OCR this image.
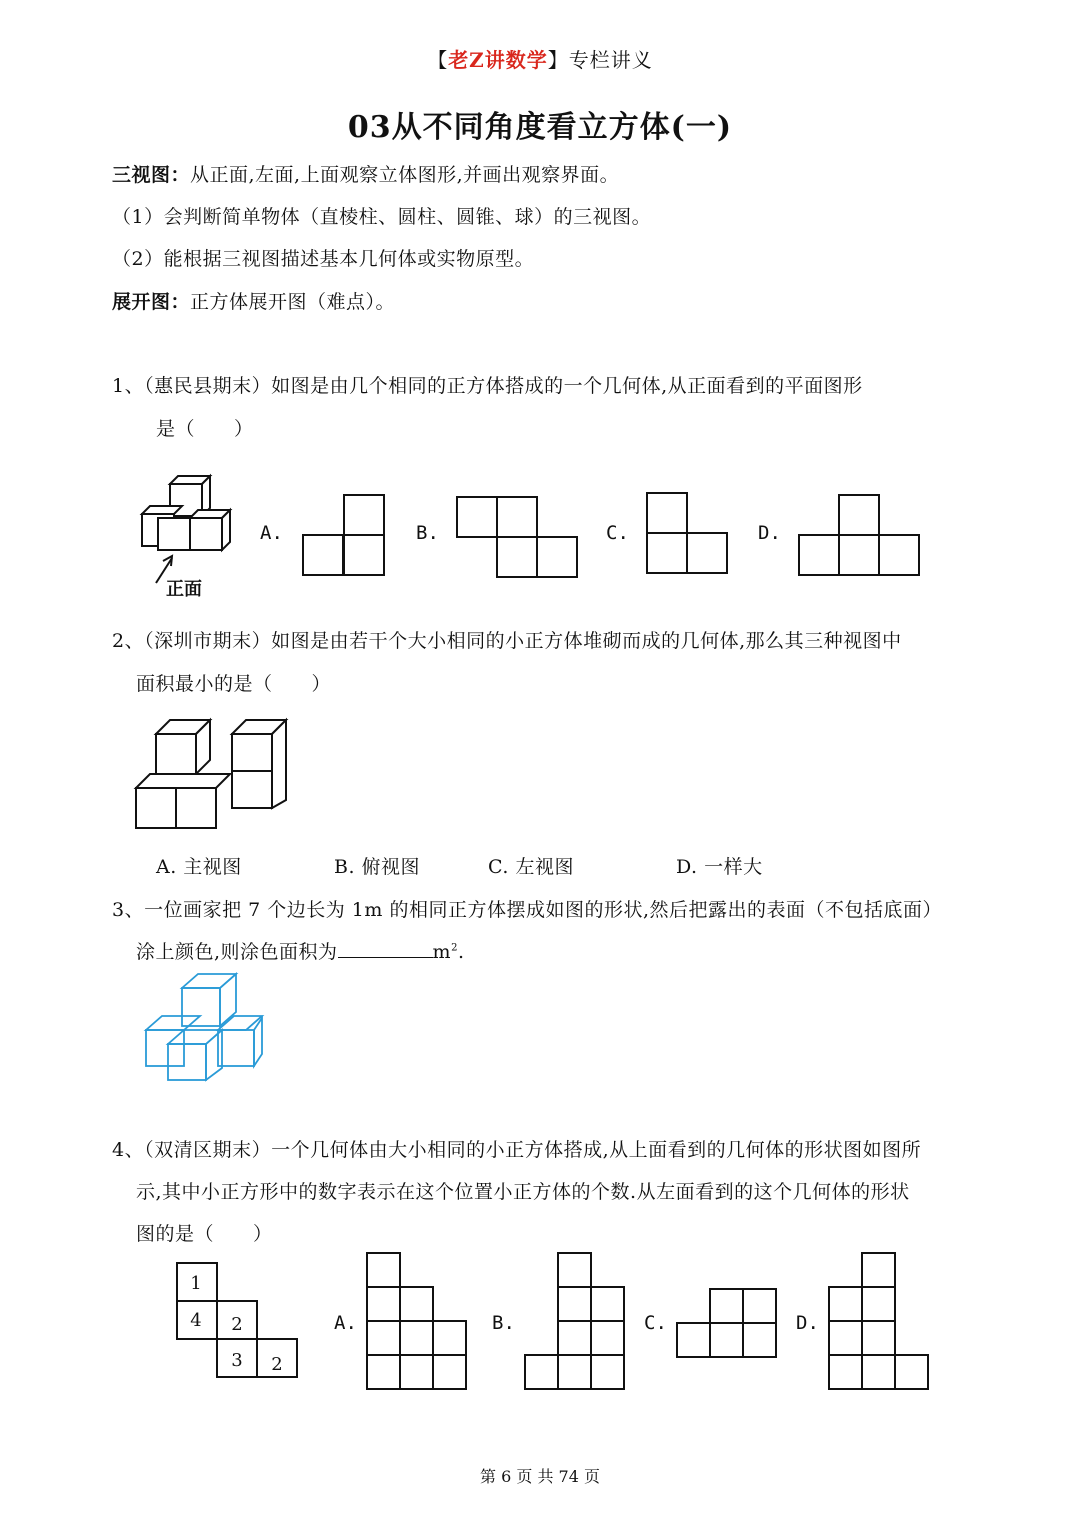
【老Z讲数学】专栏讲义
03从不同角度看立方体(一)
三视图：从正面,左面,上面观察立体图形,并画出观察界面。
（1）会判断简单物体（直棱柱、圆柱、圆锥、球）的三视图。
（2）能根据三视图描述基本几何体或实物原型。
展开图：正方体展开图（难点）。
1、（惠民县期末）如图是由几个相同的正方体搭成的一个几何体,从正面看到的平面图形
是（　　）
正面
A.	B.	C.	D.
2、（深圳市期末）如图是由若干个大小相同的小正方体堆砌而成的几何体,那么其三种视图中
面积最小的是（　　）
A. 主视图	B. 俯视图	C. 左视图	D. 一样大
3、一位画家把 7 个边长为 1m 的相同正方体摆成如图的形状,然后把露出的表面（不包括底面）
涂上颜色,则涂色面积为	$m^2$.
4、（双清区期末）一个几何体由大小相同的小正方体搭成,从上面看到的几何体的形状图如图所
示,其中小正方形中的数字表示在这个位置小正方体的个数.从左面看到的这个几何体的形状
图的是（　　）
1
4 2
3 2
A.	B.	C.	D.
第 6 页 共 74 页
